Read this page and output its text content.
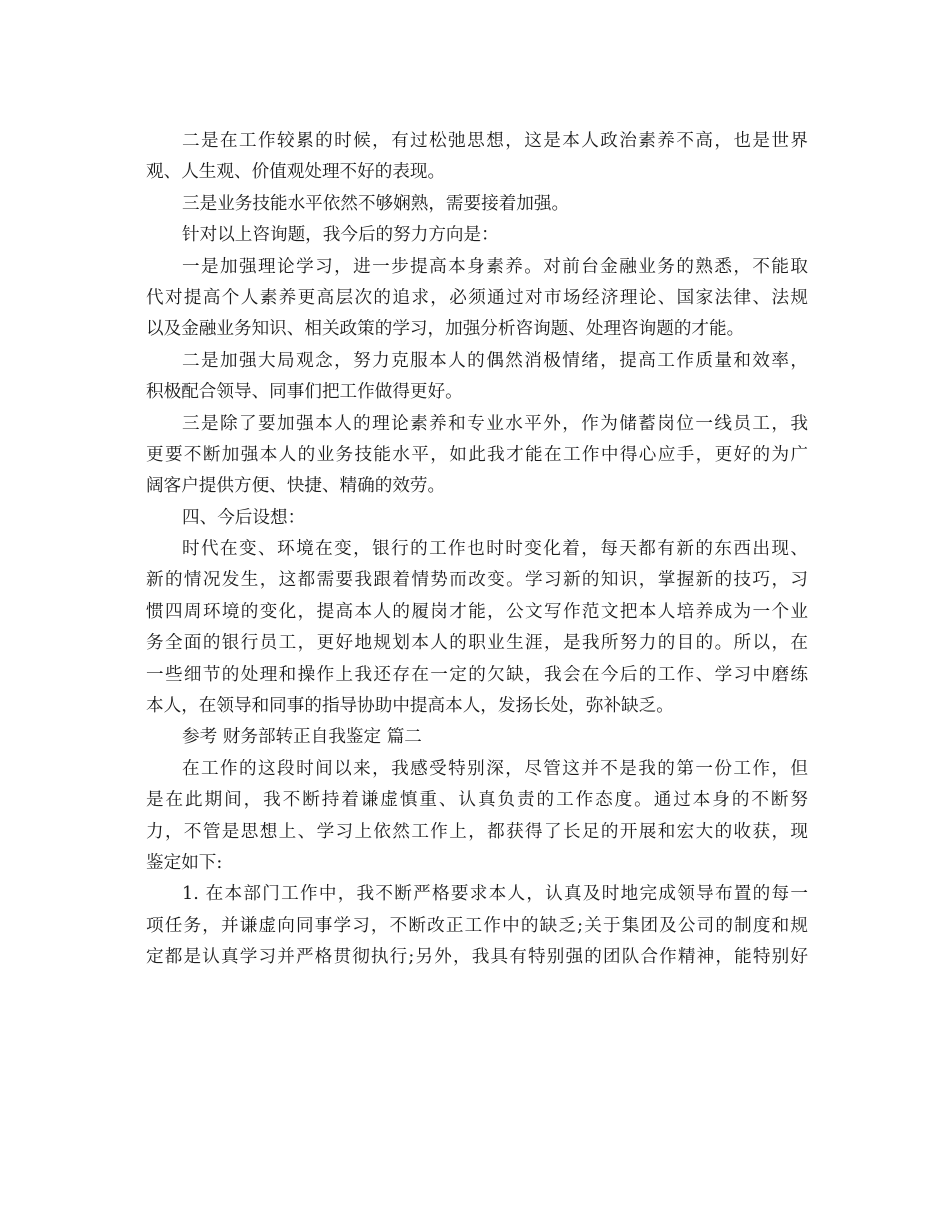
二是在工作较累的时候，有过松弛思想，这是本人政治素养不高，也是世界
观、人生观、价值观处理不好的表现。
三是业务技能水平依然不够娴熟，需要接着加强。
针对以上咨询题，我今后的努力方向是：
一是加强理论学习，进一步提高本身素养。对前台金融业务的熟悉，不能取
代对提高个人素养更高层次的追求，必须通过对市场经济理论、国家法律、法规
以及金融业务知识、相关政策的学习，加强分析咨询题、处理咨询题的才能。
二是加强大局观念，努力克服本人的偶然消极情绪，提高工作质量和效率，
积极配合领导、同事们把工作做得更好。
三是除了要加强本人的理论素养和专业水平外，作为储蓄岗位一线员工，我
更要不断加强本人的业务技能水平，如此我才能在工作中得心应手，更好的为广
阔客户提供方便、快捷、精确的效劳。
四、今后设想：
时代在变、环境在变，银行的工作也时时变化着，每天都有新的东西出现、
新的情况发生，这都需要我跟着情势而改变。学习新的知识，掌握新的技巧，习
惯四周环境的变化，提高本人的履岗才能，公文写作范文把本人培养成为一个业
务全面的银行员工，更好地规划本人的职业生涯，是我所努力的目的。所以，在
一些细节的处理和操作上我还存在一定的欠缺，我会在今后的工作、学习中磨练
本人，在领导和同事的指导协助中提高本人，发扬长处，弥补缺乏。
参考 财务部转正自我鉴定 篇二
在工作的这段时间以来，我感受特别深，尽管这并不是我的第一份工作，但
是在此期间，我不断持着谦虚慎重、认真负责的工作态度。通过本身的不断努
力，不管是思想上、学习上依然工作上，都获得了长足的开展和宏大的收获，现
鉴定如下:
1. 在本部门工作中，我不断严格要求本人，认真及时地完成领导布置的每一
项任务，并谦虚向同事学习，不断改正工作中的缺乏;关于集团及公司的制度和规
定都是认真学习并严格贯彻执行;另外，我具有特别强的团队合作精神，能特别好
